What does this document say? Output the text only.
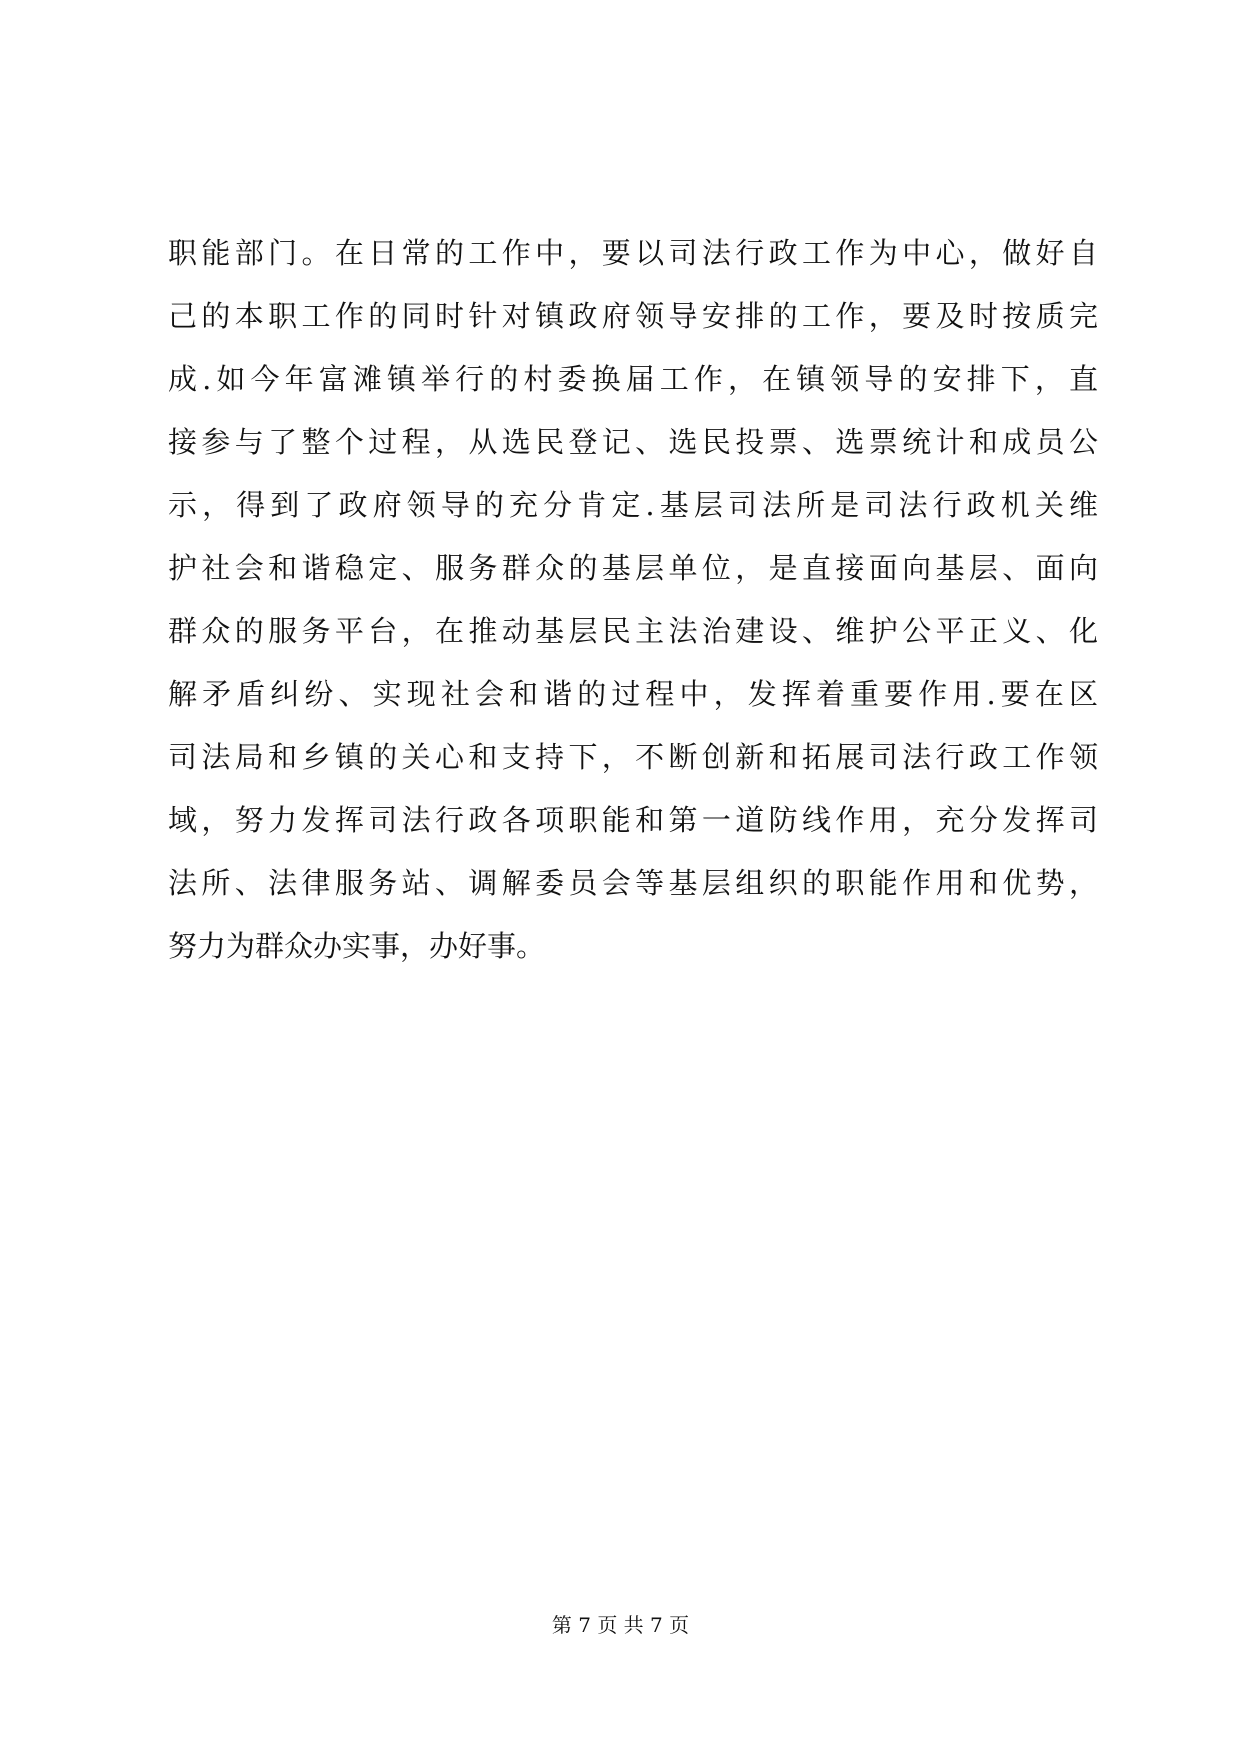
职能部门。在日常的工作中，要以司法行政工作为中心，做好自
己的本职工作的同时针对镇政府领导安排的工作，要及时按质完
成.如今年富滩镇举行的村委换届工作，在镇领导的安排下，直
接参与了整个过程，从选民登记、选民投票、选票统计和成员公
示，得到了政府领导的充分肯定.基层司法所是司法行政机关维
护社会和谐稳定、服务群众的基层单位，是直接面向基层、面向
群众的服务平台，在推动基层民主法治建设、维护公平正义、化
解矛盾纠纷、实现社会和谐的过程中，发挥着重要作用.要在区
司法局和乡镇的关心和支持下，不断创新和拓展司法行政工作领
域，努力发挥司法行政各项职能和第一道防线作用，充分发挥司
法所、法律服务站、调解委员会等基层组织的职能作用和优势，
努力为群众办实事，办好事。
第 7 页 共 7 页
